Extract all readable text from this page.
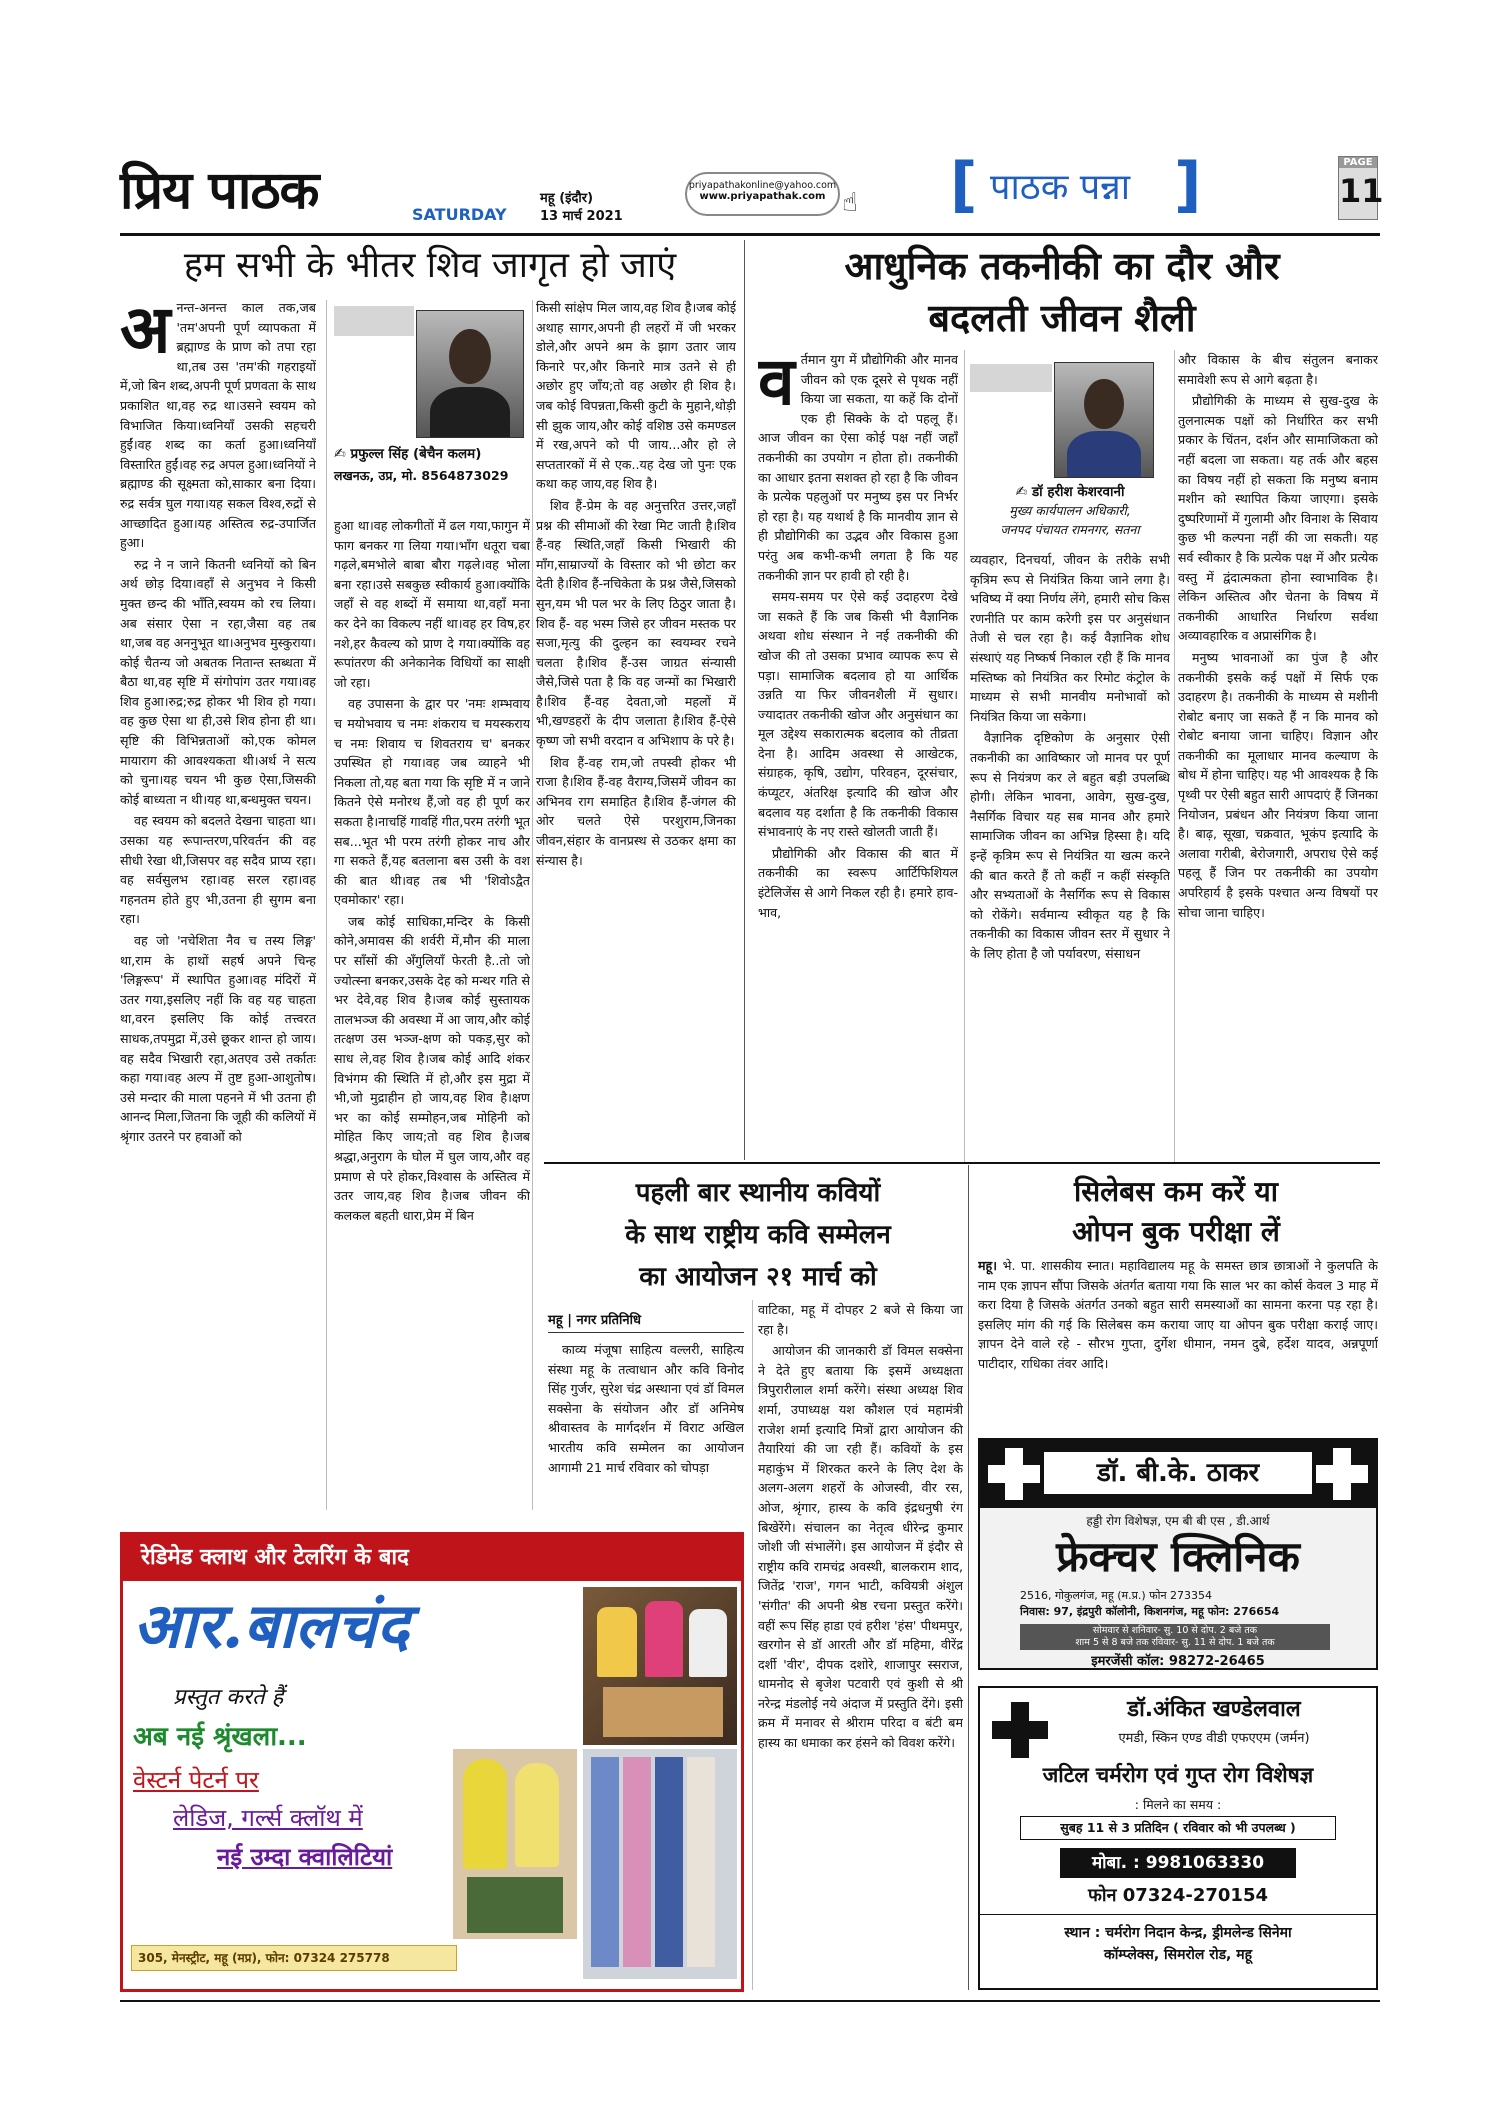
प्रिय पाठक	SATURDAY
महू (इंदौर)
13 मार्च 2021
priyapathakonline@yahoo.com
www.priyapathak.com ☝ [ पाठक पन्ना ]	PAGE
11
हम सभी के भीतर शिव जागृत हो जाएं
अ नन्त-अनन्त काल तक,जब 'तम'अपनी पूर्ण व्यापकता में ब्रह्माण्ड के प्राण को तपा रहा था,तब उस 'तम'की गहराइयों में,जो बिन शब्द,अपनी पूर्ण प्रणवता के साथ प्रकाशित था,वह रुद्र था।उसने स्वयम को विभाजित किया।ध्वनियाँ उसकी सहचरी हुईं।वह शब्द का कर्ता हुआ।ध्वनियाँ विस्तारित हुईं।वह रुद्र अपल हुआ।ध्वनियों ने ब्रह्माण्ड की सूक्ष्मता को,साकार बना दिया।रुद्र सर्वत्र घुल गया।यह सकल विश्व,रुद्रों से आच्छादित हुआ।यह अस्तित्व रुद्र-उपार्जित हुआ।

रुद्र ने न जाने कितनी ध्वनियों को बिन अर्थ छोड़ दिया।वहाँ से अनुभव ने किसी मुक्त छन्द की भाँति,स्वयम को रच लिया।अब संसार ऐसा न रहा,जैसा वह तब था,जब वह अननुभूत था।अनुभव मुस्कुराया।कोई चैतन्य जो अबतक नितान्त स्तब्धता में बैठा था,वह सृष्टि में संगोपांग उतर गया।वह शिव हुआ।रुद्र;रुद्र होकर भी शिव हो गया।वह कुछ ऐसा था ही,उसे शिव होना ही था।सृष्टि की विभिन्नताओं को,एक कोमल मायाराग की आवश्यकता थी।अर्थ ने सत्य को चुना।यह चयन भी कुछ ऐसा,जिसकी कोई बाध्यता न थी।यह था,बन्धमुक्त चयन।

वह स्वयम को बदलते देखना चाहता था।उसका यह रूपान्तरण,परिवर्तन की वह सीधी रेखा थी,जिसपर वह सदैव प्राप्य रहा।वह सर्वसुलभ रहा।वह सरल रहा।वह गहनतम होते हुए भी,उतना ही सुगम बना रहा।

वह जो 'नचेशिता नैव च तस्य लिङ्ग' था,राम के हाथों सहर्ष अपने चिन्ह 'लिङ्गरूप' में स्थापित हुआ।वह मंदिरों में उतर गया,इसलिए नहीं कि वह यह चाहता था,वरन इसलिए कि कोई तत्त्वरत साधक,तपमुद्रा में,उसे छूकर शान्त हो जाय।वह सदैव भिखारी रहा,अतएव उसे तर्कातः कहा गया।वह अल्प में तुष्ट हुआ-आशुतोष।उसे मन्दार की माला पहनने में भी उतना ही आनन्द मिला,जितना कि जूही की कलियों में श्रृंगार उतरने पर हवाओं को

✍ प्रफुल्ल सिंह (बेचैन कलम)
लखनऊ, उप्र, मो. 8564873029

हुआ था।वह लोकगीतों में ढल गया,फागुन में फाग बनकर गा लिया गया।भाँग धतूरा चबा गढ़ले,बमभोले बाबा बौरा गढ़ले।वह भोला बना रहा।उसे सबकुछ स्वीकार्य हुआ।क्योंकि जहाँ से वह शब्दों में समाया था,वहाँ मना कर देने का विकल्प नहीं था।वह हर विष,हर नशे,हर कैवल्य को प्राण दे गया।क्योंकि वह रूपांतरण की अनेकानेक विधियों का साक्षी जो रहा।

वह उपासना के द्वार पर 'नमः शम्भवाय च मयोभवाय च नमः शंकराय च मयस्कराय च नमः शिवाय च शिवतराय च' बनकर उपस्थित हो गया।वह जब व्याहने भी निकला तो,यह बता गया कि सृष्टि में न जाने कितने ऐसे मनोरथ हैं,जो वह ही पूर्ण कर सकता है।नाचहिं गावहिं गीत,परम तरंगी भूत सब...भूत भी परम तरंगी होकर नाच और गा सकते हैं,यह बतलाना बस उसी के वश की बात थी।वह तब भी 'शिवोऽद्वैत एवमोकार' रहा।

जब कोई साधिका,मन्दिर के किसी कोने,अमावस की शर्वरी में,मौन की माला पर साँसों की अँगुलियाँ फेरती है..तो जो ज्योत्स्ना बनकर,उसके देह को मन्थर गति से भर देवे,वह शिव है।जब कोई सुस्तायक तालभञ्ज की अवस्था में आ जाय,और कोई तत्क्षण उस भञ्ज-क्षण को पकड़,सुर को साध ले,वह शिव है।जब कोई आदि शंकर विभंगम की स्थिति में हो,और इस मुद्रा में भी,जो मुद्राहीन हो जाय,वह शिव है।क्षण भर का कोई सम्मोहन,जब मोहिनी को मोहित किए जाय;तो वह शिव है।जब श्रद्धा,अनुराग के घोल में घुल जाय,और वह प्रमाण से परे होकर,विश्वास के अस्तित्व में उतर जाय,वह शिव है।जब जीवन की कलकल बहती धारा,प्रेम में बिन

किसी सांक्षेप मिल जाय,वह शिव है।जब कोई अथाह सागर,अपनी ही लहरों में जी भरकर डोले,और अपने श्रम के झाग उतार जाय किनारे पर,और किनारे मात्र उतने से ही अछोर हुए जाँय;तो वह अछोर ही शिव है।जब कोई विपन्नता,किसी कुटी के मुहाने,थोड़ी सी झुक जाय,और कोई वशिष्ठ उसे कमण्डल में रख,अपने को पी जाय...और हो ले सप्ततारकों में से एक..यह देख जो पुनः एक कथा कह जाय,वह शिव है।

शिव हैं-प्रेम के वह अनुत्तरित उत्तर,जहाँ प्रश्न की सीमाओं की रेखा मिट जाती है।शिव हैं-वह स्थिति,जहाँ किसी भिखारी की माँग,साम्राज्यों के विस्तार को भी छोटा कर देती है।शिव हैं-नचिकेता के प्रश्न जैसे,जिसको सुन,यम भी पल भर के लिए ठिठुर जाता है।शिव हैं- वह भस्म जिसे हर जीवन मस्तक पर सजा,मृत्यु की दुल्हन का स्वयम्वर रचने चलता है।शिव हैं-उस जाग्रत संन्यासी जैसे,जिसे पता है कि वह जन्मों का भिखारी है।शिव हैं-वह देवता,जो महलों में भी,खण्डहरों के दीप जलाता है।शिव हैं-ऐसे कृष्ण जो सभी वरदान व अभिशाप के परे है।

शिव हैं-वह राम,जो तपस्वी होकर भी राजा है।शिव हैं-वह वैराग्य,जिसमें जीवन का अभिनव राग समाहित है।शिव हैं-जंगल की ओर चलते ऐसे परशुराम,जिनका जीवन,संहार के वानप्रस्थ से उठकर क्षमा का संन्यास है।

आधुनिक तकनीकी का दौर और
बदलती जीवन शैली
व र्तमान युग में प्रौद्योगिकी और मानव जीवन को एक दूसरे से पृथक नहीं किया जा सकता, या कहें कि दोनों एक ही सिक्के के दो पहलू हैं। आज जीवन का ऐसा कोई पक्ष नहीं जहाँ तकनीकी का उपयोग न होता हो। तकनीकी का आधार इतना सशक्त हो रहा है कि जीवन के प्रत्येक पहलुओं पर मनुष्य इस पर निर्भर हो रहा है। यह यथार्थ है कि मानवीय ज्ञान से ही प्रौद्योगिकी का उद्भव और विकास हुआ परंतु अब कभी-कभी लगता है कि यह तकनीकी ज्ञान पर हावी हो रही है।

समय-समय पर ऐसे कई उदाहरण देखे जा सकते हैं कि जब किसी भी वैज्ञानिक अथवा शोध संस्थान ने नई तकनीकी की खोज की तो उसका प्रभाव व्यापक रूप से पड़ा। सामाजिक बदलाव हो या आर्थिक उन्नति या फिर जीवनशैली में सुधार। ज्यादातर तकनीकी खोज और अनुसंधान का मूल उद्देश्य सकारात्मक बदलाव को तीव्रता देना है। आदिम अवस्था से आखेटक, संग्राहक, कृषि, उद्योग, परिवहन, दूरसंचार, कंप्यूटर, अंतरिक्ष इत्यादि की खोज और बदलाव यह दर्शाता है कि तकनीकी विकास संभावनाएं के नए रास्ते खोलती जाती हैं।

प्रौद्योगिकी और विकास की बात में तकनीकी का स्वरूप आर्टिफिशियल इंटेलिजेंस से आगे निकल रही है। हमारे हाव-भाव,

✍ डॉ हरीश केशरवानी
मुख्य कार्यपालन अधिकारी,
जनपद पंचायत रामनगर, सतना

व्यवहार, दिनचर्या, जीवन के तरीके सभी कृत्रिम रूप से नियंत्रित किया जाने लगा है। भविष्य में क्या निर्णय लेंगे, हमारी सोच किस रणनीति पर काम करेगी इस पर अनुसंधान तेजी से चल रहा है। कई वैज्ञानिक शोध संस्थाएं यह निष्कर्ष निकाल रही हैं कि मानव मस्तिष्क को नियंत्रित कर रिमोट कंट्रोल के माध्यम से सभी मानवीय मनोभावों को नियंत्रित किया जा सकेगा।

वैज्ञानिक दृष्टिकोण के अनुसार ऐसी तकनीकी का आविष्कार जो मानव पर पूर्ण रूप से नियंत्रण कर ले बहुत बड़ी उपलब्धि होगी। लेकिन भावना, आवेग, सुख-दुख, नैसर्गिक विचार यह सब मानव और हमारे सामाजिक जीवन का अभिन्न हिस्सा है। यदि इन्हें कृत्रिम रूप से नियंत्रित या खत्म करने की बात करते हैं तो कहीं न कहीं संस्कृति और सभ्यताओं के नैसर्गिक रूप से विकास को रोकेंगे। सर्वमान्य स्वीकृत यह है कि तकनीकी का विकास जीवन स्तर में सुधार ने के लिए होता है जो पर्यावरण, संसाधन

और विकास के बीच संतुलन बनाकर समावेशी रूप से आगे बढ़ता है।

प्रौद्योगिकी के माध्यम से सुख-दुख के तुलनात्मक पक्षों को निर्धारित कर सभी प्रकार के चिंतन, दर्शन और सामाजिकता को नहीं बदला जा सकता। यह तर्क और बहस का विषय नहीं हो सकता कि मनुष्य बनाम मशीन को स्थापित किया जाएगा। इसके दुष्परिणामों में गुलामी और विनाश के सिवाय कुछ भी कल्पना नहीं की जा सकती। यह सर्व स्वीकार है कि प्रत्येक पक्ष में और प्रत्येक वस्तु में द्वंदात्मकता होना स्वाभाविक है। लेकिन अस्तित्व और चेतना के विषय में तकनीकी आधारित निर्धारण सर्वथा अव्यावहारिक व अप्रासंगिक है।

मनुष्य भावनाओं का पुंज है और तकनीकी इसके कई पक्षों में सिर्फ एक उदाहरण है। तकनीकी के माध्यम से मशीनी रोबोट बनाए जा सकते हैं न कि मानव को रोबोट बनाया जाना चाहिए। विज्ञान और तकनीकी का मूलाधार मानव कल्याण के बोध में होना चाहिए। यह भी आवश्यक है कि पृथ्वी पर ऐसी बहुत सारी आपदाएं हैं जिनका नियोजन, प्रबंधन और नियंत्रण किया जाना है। बाढ़, सूखा, चक्रवात, भूकंप इत्यादि के अलावा गरीबी, बेरोजगारी, अपराध ऐसे कई पहलू हैं जिन पर तकनीकी का उपयोग अपरिहार्य है इसके पश्चात अन्य विषयों पर सोचा जाना चाहिए।

पहली बार स्थानीय कवियों
के साथ राष्ट्रीय कवि सम्मेलन
का आयोजन २१ मार्च को
महू | नगर प्रतिनिधि

काव्य मंजूषा साहित्य वल्लरी, साहित्य संस्था महू के तत्वाधान और कवि विनोद सिंह गुर्जर, सुरेश चंद्र अस्थाना एवं डॉ विमल सक्सेना के संयोजन और डॉ अनिमेष श्रीवास्तव के मार्गदर्शन में विराट अखिल भारतीय कवि सम्मेलन का आयोजन आगामी 21 मार्च रविवार को चोपड़ा

वाटिका, महू में दोपहर 2 बजे से किया जा रहा है।

आयोजन की जानकारी डॉ विमल सक्सेना ने देते हुए बताया कि इसमें अध्यक्षता त्रिपुरारीलाल शर्मा करेंगे। संस्था अध्यक्ष शिव शर्मा, उपाध्यक्ष यश कौशल एवं महामंत्री राजेश शर्मा इत्यादि मित्रों द्वारा आयोजन की तैयारियां की जा रही हैं। कवियों के इस महाकुंभ में शिरकत करने के लिए देश के अलग-अलग शहरों के ओजस्वी, वीर रस, ओज, श्रृंगार, हास्य के कवि इंद्रधनुषी रंग बिखेरेंगे। संचालन का नेतृत्व धीरेन्द्र कुमार जोशी जी संभालेंगे। इस आयोजन में इंदौर से राष्ट्रीय कवि रामचंद्र अवस्थी, बालकराम शाद, जितेंद्र 'राज', गगन भाटी, कवियत्री अंशुल 'संगीत' की अपनी श्रेष्ठ रचना प्रस्तुत करेंगे। वहीं रूप सिंह हाडा एवं हरीश 'हंस' पीथमपुर, खरगोन से डॉ आरती और डॉ महिमा, वीरेंद्र दर्शी 'वीर', दीपक दशोरे, शाजापुर स्सराज, धामनोद से बृजेश पटवारी एवं कुशी से श्री नरेन्द्र मंडलोई नये अंदाज में प्रस्तुति देंगे। इसी क्रम में मनावर से श्रीराम परिदा व बंटी बम हास्य का धमाका कर हंसने को विवश करेंगे।

सिलेबस कम करें या
ओपन बुक परीक्षा लें

महू। भे. पा. शासकीय स्नात। महाविद्यालय महू के समस्त छात्र छात्राओं ने कुलपति के नाम एक ज्ञापन सौंपा जिसके अंतर्गत बताया गया कि साल भर का कोर्स केवल 3 माह में करा दिया है जिसके अंतर्गत उनको बहुत सारी समस्याओं का सामना करना पड़ रहा है। इसलिए मांग की गई कि सिलेबस कम कराया जाए या ओपन बुक परीक्षा कराई जाए। ज्ञापन देने वाले रहे - सौरभ गुप्ता, दुर्गेश धीमान, नमन दुबे, हर्देश यादव, अन्नपूर्णा पाटीदार, राधिका तंवर आदि।

डॉ. बी.के. ठाकर
हड्डी रोग विशेषज्ञ, एम बी बी एस , डी.आर्थ
फ्रेक्चर क्लिनिक
2516, गोकुलगंज, महू (म.प्र.) फोन 273354
निवास: 97, इंद्रपुरी कॉलोनी, किशनगंज, महू फोन: 276654
सोमवार से शनिवार- सु. 10 से दोप. 2 बजे तक
शाम 5 से 8 बजे तक रविवार- सु. 11 से दोप. 1 बजे तक
इमरजेंसी कॉल: 98272-26465
डॉ.अंकित खण्डेलवाल
एमडी, स्किन एण्ड वीडी एफएएम (जर्मन)
जटिल चर्मरोग एवं गुप्त रोग विशेषज्ञ
: मिलने का समय :
सुबह 11 से 3 प्रतिदिन ( रविवार को भी उपलब्ध )
मोबा. : 9981063330
फोन 07324-270154
स्थान : चर्मरोग निदान केन्द्र, ड्रीमलेन्ड सिनेमा
कॉम्प्लेक्स, सिमरोल रोड, महू
रेडिमेड क्लाथ और टेलरिंग के बाद
आर.बालचंद
प्रस्तुत करते हैं
अब नई श्रृंखला...
वेस्टर्न पेटर्न पर
लेडिज, गर्ल्स क्लॉथ में
नई उम्दा क्वालिटियां
305, मेनस्ट्रीट, महू (मप्र), फोन: 07324 275778
